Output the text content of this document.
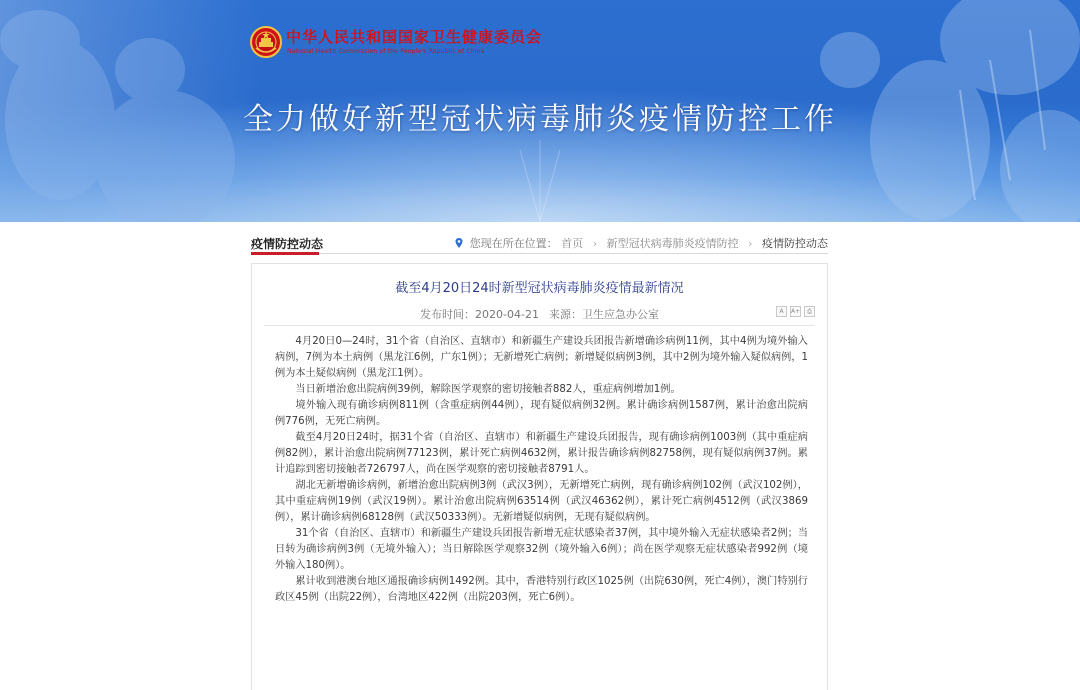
中华人民共和国国家卫生健康委员会
National Health Commission of the People's Republic of China
全力做好新型冠状病毒肺炎疫情防控工作
疫情防控动态	您现在所在位置： 首页 › 新型冠状病毒肺炎疫情防控 › 疫情防控动态
截至4月20日24时新型冠状病毒肺炎疫情最新情况
发布时间：2020-04-21 来源：卫生应急办公室	A A+ ⎙

4月20日0—24时，31个省（自治区、直辖市）和新疆生产建设兵团报告新增确诊病例11例，其中4例为境外输入病例，7例为本土病例（黑龙江6例，广东1例）；无新增死亡病例；新增疑似病例3例，其中2例为境外输入疑似病例，1例为本土疑似病例（黑龙江1例）。

当日新增治愈出院病例39例，解除医学观察的密切接触者882人，重症病例增加1例。

境外输入现有确诊病例811例（含重症病例44例），现有疑似病例32例。累计确诊病例1587例，累计治愈出院病例776例，无死亡病例。

截至4月20日24时，据31个省（自治区、直辖市）和新疆生产建设兵团报告，现有确诊病例1003例（其中重症病例82例），累计治愈出院病例77123例，累计死亡病例4632例，累计报告确诊病例82758例，现有疑似病例37例。累计追踪到密切接触者726797人，尚在医学观察的密切接触者8791人。

湖北无新增确诊病例，新增治愈出院病例3例（武汉3例），无新增死亡病例，现有确诊病例102例（武汉102例），其中重症病例19例（武汉19例）。累计治愈出院病例63514例（武汉46362例），累计死亡病例4512例（武汉3869例），累计确诊病例68128例（武汉50333例）。无新增疑似病例，无现有疑似病例。

31个省（自治区、直辖市）和新疆生产建设兵团报告新增无症状感染者37例，其中境外输入无症状感染者2例；当日转为确诊病例3例（无境外输入）；当日解除医学观察32例（境外输入6例）；尚在医学观察无症状感染者992例（境外输入180例）。

累计收到港澳台地区通报确诊病例1492例。其中，香港特别行政区1025例（出院630例，死亡4例），澳门特别行政区45例（出院22例），台湾地区422例（出院203例，死亡6例）。
